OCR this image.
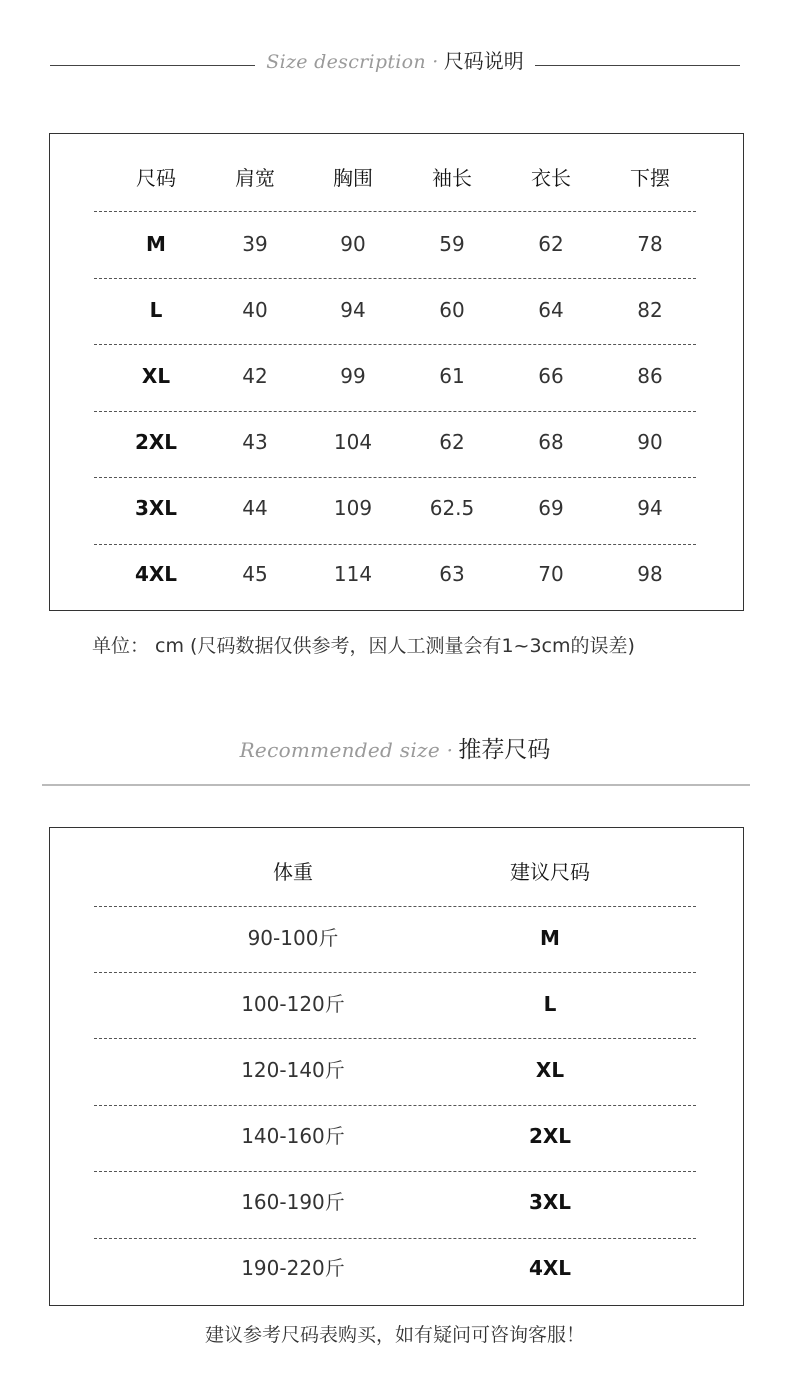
Size description · 尺码说明
尺码	肩宽	胸围	袖长	衣长	下摆
M	39	90	59	62	78
L	40	94	60	64	82
XL	42	99	61	66	86
2XL	43	104	62	68	90
3XL	44	109	62.5	69	94
4XL	45	114	63	70	98
单位： cm (尺码数据仅供参考，因人工测量会有1~3cm的误差)
Recommended size · 推荐尺码
体重	建议尺码
90-100斤	M
100-120斤	L
120-140斤	XL
140-160斤	2XL
160-190斤	3XL
190-220斤	4XL
建议参考尺码表购买，如有疑问可咨询客服！
